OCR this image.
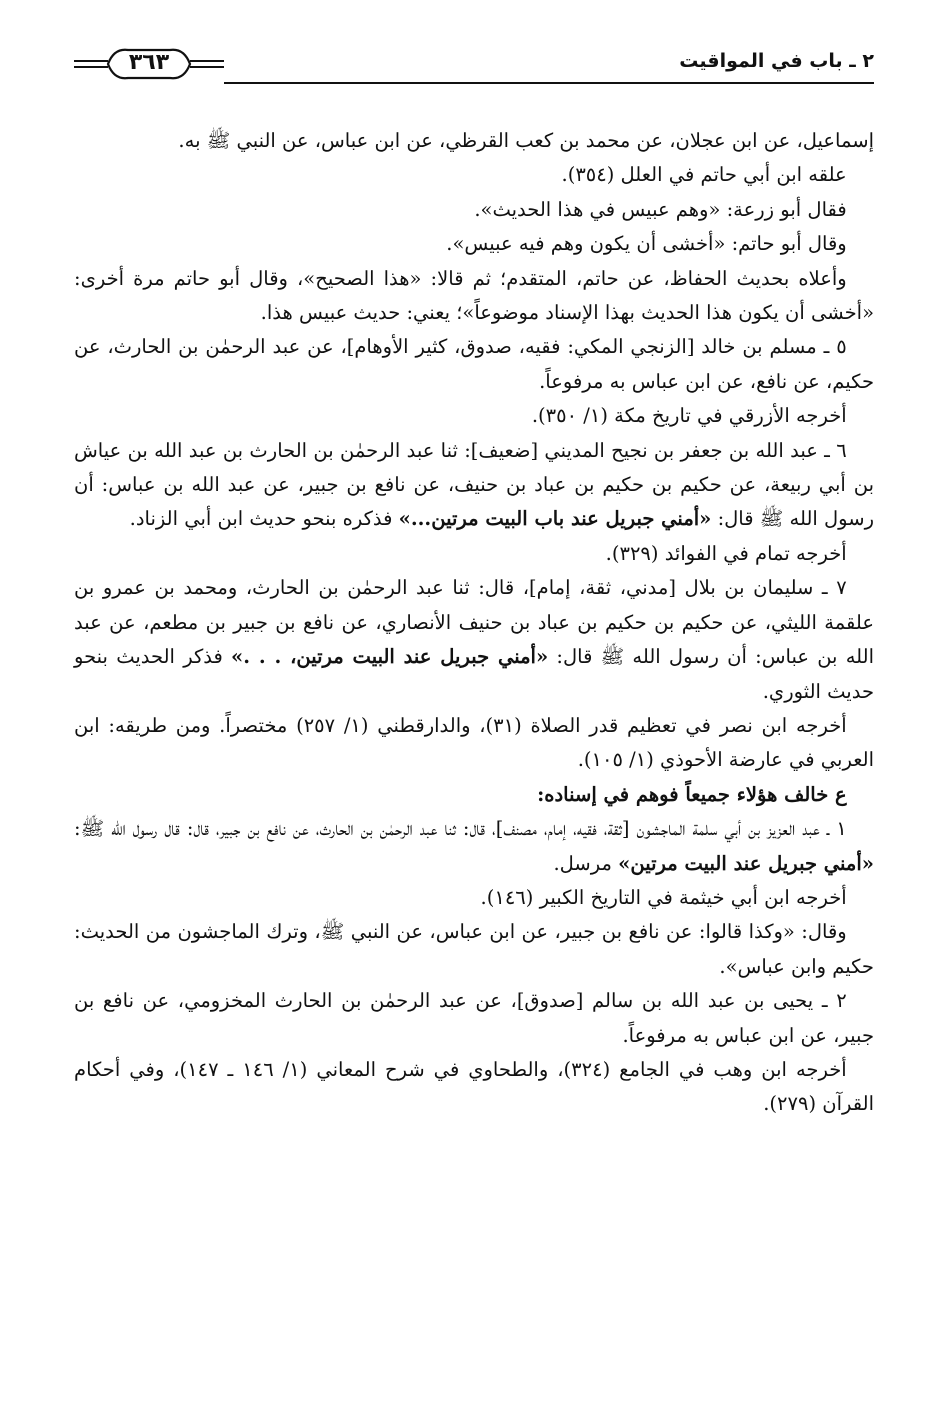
٢ ـ باب في المواقيت
٣٦٣

إسماعيل، عن ابن عجلان، عن محمد بن كعب القرظي، عن ابن عباس، عن النبي ﷺ به.

علقه ابن أبي حاتم في العلل (٣٥٤).

فقال أبو زرعة: «وهم عبيس في هذا الحديث».

وقال أبو حاتم: «أخشى أن يكون وهم فيه عبيس».

وأعلاه بحديث الحفاظ، عن حاتم، المتقدم؛ ثم قالا: «هذا الصحيح»، وقال أبو حاتم مرة أخرى: «أخشى أن يكون هذا الحديث بهذا الإسناد موضوعاً»؛ يعني: حديث عبيس هذا.

٥ ـ مسلم بن خالد [الزنجي المكي: فقيه، صدوق، كثير الأوهام]، عن عبد الرحمٰن بن الحارث، عن حكيم، عن نافع، عن ابن عباس به مرفوعاً.

أخرجه الأزرقي في تاريخ مكة (١/ ٣٥٠).

٦ ـ عبد الله بن جعفر بن نجيح المديني [ضعيف]: ثنا عبد الرحمٰن بن الحارث بن عبد الله بن عياش بن أبي ربيعة، عن حكيم بن حكيم بن عباد بن حنيف، عن نافع بن جبير، عن عبد الله بن عباس: أن رسول الله ﷺ قال: «أمني جبريل عند باب البيت مرتين...» فذكره بنحو حديث ابن أبي الزناد.

أخرجه تمام في الفوائد (٣٢٩).

٧ ـ سليمان بن بلال [مدني، ثقة، إمام]، قال: ثنا عبد الرحمٰن بن الحارث، ومحمد بن عمرو بن علقمة الليثي، عن حكيم بن حكيم بن عباد بن حنيف الأنصاري، عن نافع بن جبير بن مطعم، عن عبد الله بن عباس: أن رسول الله ﷺ قال: «أمني جبريل عند البيت مرتين، . . .» فذكر الحديث بنحو حديث الثوري.

أخرجه ابن نصر في تعظيم قدر الصلاة (٣١)، والدارقطني (١/ ٢٥٧) مختصراً. ومن طريقه: ابن العربي في عارضة الأحوذي (١/ ١٠٥).

ع خالف هؤلاء جميعاً فوهم في إسناده:

١ ـ عبد العزيز بن أبي سلمة الماجشون [ثقة، فقيه، إمام، مصنف]، قال: ثنا عبد الرحمٰن بن الحارث، عن نافع بن جبير، قال: قال رسول الله ﷺ: «أمني جبريل عند البيت مرتين» مرسل.

أخرجه ابن أبي خيثمة في التاريخ الكبير (١٤٦).

وقال: «وكذا قالوا: عن نافع بن جبير، عن ابن عباس، عن النبي ﷺ، وترك الماجشون من الحديث: حكيم وابن عباس».

٢ ـ يحيى بن عبد الله بن سالم [صدوق]، عن عبد الرحمٰن بن الحارث المخزومي، عن نافع بن جبير، عن ابن عباس به مرفوعاً.

أخرجه ابن وهب في الجامع (٣٢٤)، والطحاوي في شرح المعاني (١/ ١٤٦ ـ ١٤٧)، وفي أحكام القرآن (٢٧٩).
